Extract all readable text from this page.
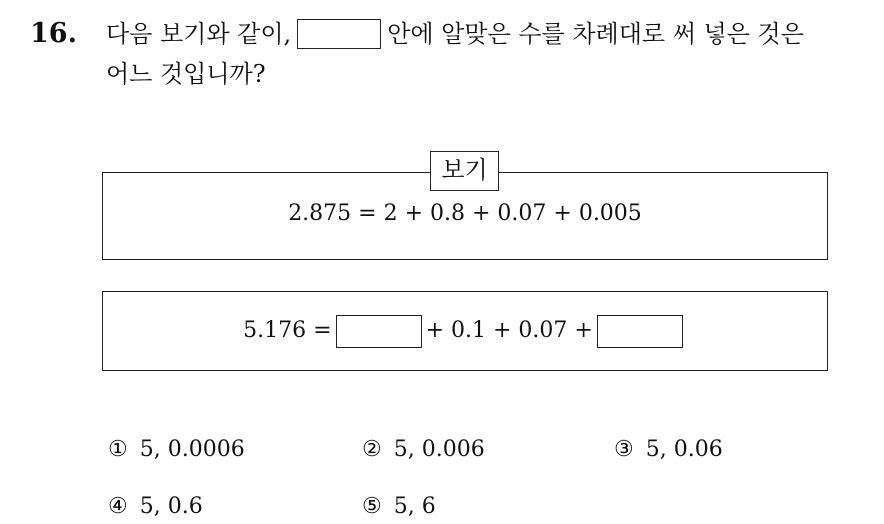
16. 다음 보기와 같이,	안에 알맞은 수를 차례대로 써 넣은 것은
어느 것입니까?
보기
2.875 = 2 + 0.8 + 0.07 + 0.005
5.176 =	+ 0.1 + 0.07 +
① 5, 0.0006	② 5, 0.006	③ 5, 0.06
④ 5, 0.6	⑤ 5, 6
